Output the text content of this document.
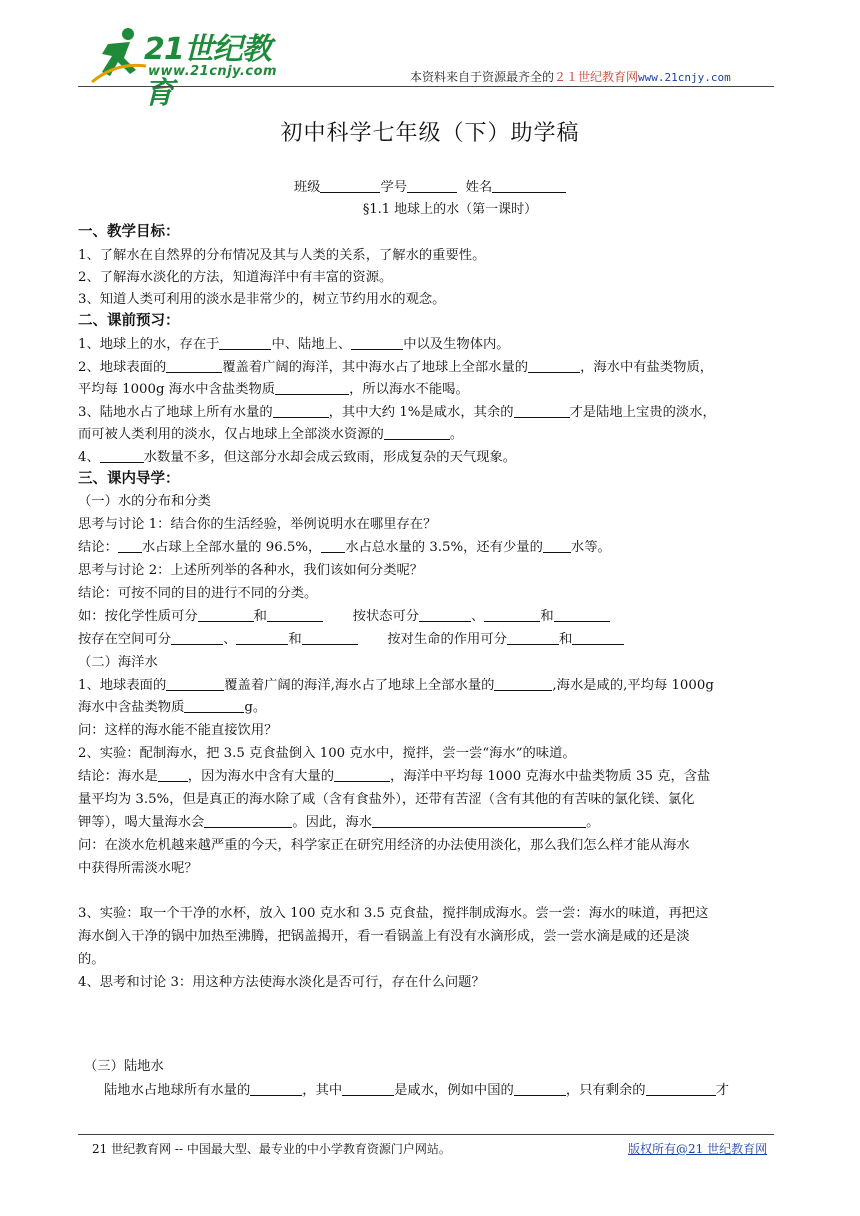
21世纪教育
www.21cnjy.com	本资料来自于资源最齐全的２１世纪教育网www.21cnjy.com
初中科学七年级（下）助学稿
班级	学号	姓名
§1.1 地球上的水（第一课时）
一、教学目标：
1、了解水在自然界的分布情况及其与人类的关系，了解水的重要性。
2、了解海水淡化的方法，知道海洋中有丰富的资源。
3、知道人类可利用的淡水是非常少的，树立节约用水的观念。
二、课前预习：
1、地球上的水，存在于	中、陆地上、	中以及生物体内。
2、地球表面的	覆盖着广阔的海洋，其中海水占了地球上全部水量的	，海水中有盐类物质，
平均每 1000g 海水中含盐类物质	，所以海水不能喝。
3、陆地水占了地球上所有水量的	，其中大约 1%是咸水，其余的	才是陆地上宝贵的淡水，
而可被人类利用的淡水，仅占地球上全部淡水资源的	。
4、	水数量不多，但这部分水却会成云致雨，形成复杂的天气现象。
三、课内导学：
（一）水的分布和分类
思考与讨论 1：结合你的生活经验，举例说明水在哪里存在？
结论： 水占球上全部水量的 96.5%， 水占总水量的 3.5%，还有少量的 水等。
思考与讨论 2：上述所列举的各种水，我们该如何分类呢？
结论：可按不同的目的进行不同的分类。
如：按化学性质可分	和	按状态可分	、	和
按存在空间可分	、	和	按对生命的作用可分	和
（二）海洋水
1、地球表面的	覆盖着广阔的海洋,海水占了地球上全部水量的	,海水是咸的,平均每 1000g
海水中含盐类物质	g。
问：这样的海水能不能直接饮用？
2、实验：配制海水，把 3.5 克食盐倒入 100 克水中，搅拌，尝一尝“海水”的味道。
结论：海水是 ，因为海水中含有大量的	，海洋中平均每 1000 克海水中盐类物质 35 克，含盐
量平均为 3.5%，但是真正的海水除了咸（含有食盐外），还带有苦涩（含有其他的有苦味的氯化镁、氯化
钾等），喝大量海水会	。因此，海水	。
问：在淡水危机越来越严重的今天，科学家正在研究用经济的办法使用淡化，那么我们怎么样才能从海水
中获得所需淡水呢？
3、实验：取一个干净的水杯，放入 100 克水和 3.5 克食盐，搅拌制成海水。尝一尝：海水的味道，再把这
海水倒入干净的锅中加热至沸腾，把锅盖揭开，看一看锅盖上有没有水滴形成，尝一尝水滴是咸的还是淡
的。
4、思考和讨论 3：用这种方法使海水淡化是否可行，存在什么问题？
（三）陆地水
陆地水占地球所有水量的	，其中	是咸水，例如中国的	，只有剩余的	才
21 世纪教育网 -- 中国最大型、最专业的中小学教育资源门户网站。	版权所有@21 世纪教育网
